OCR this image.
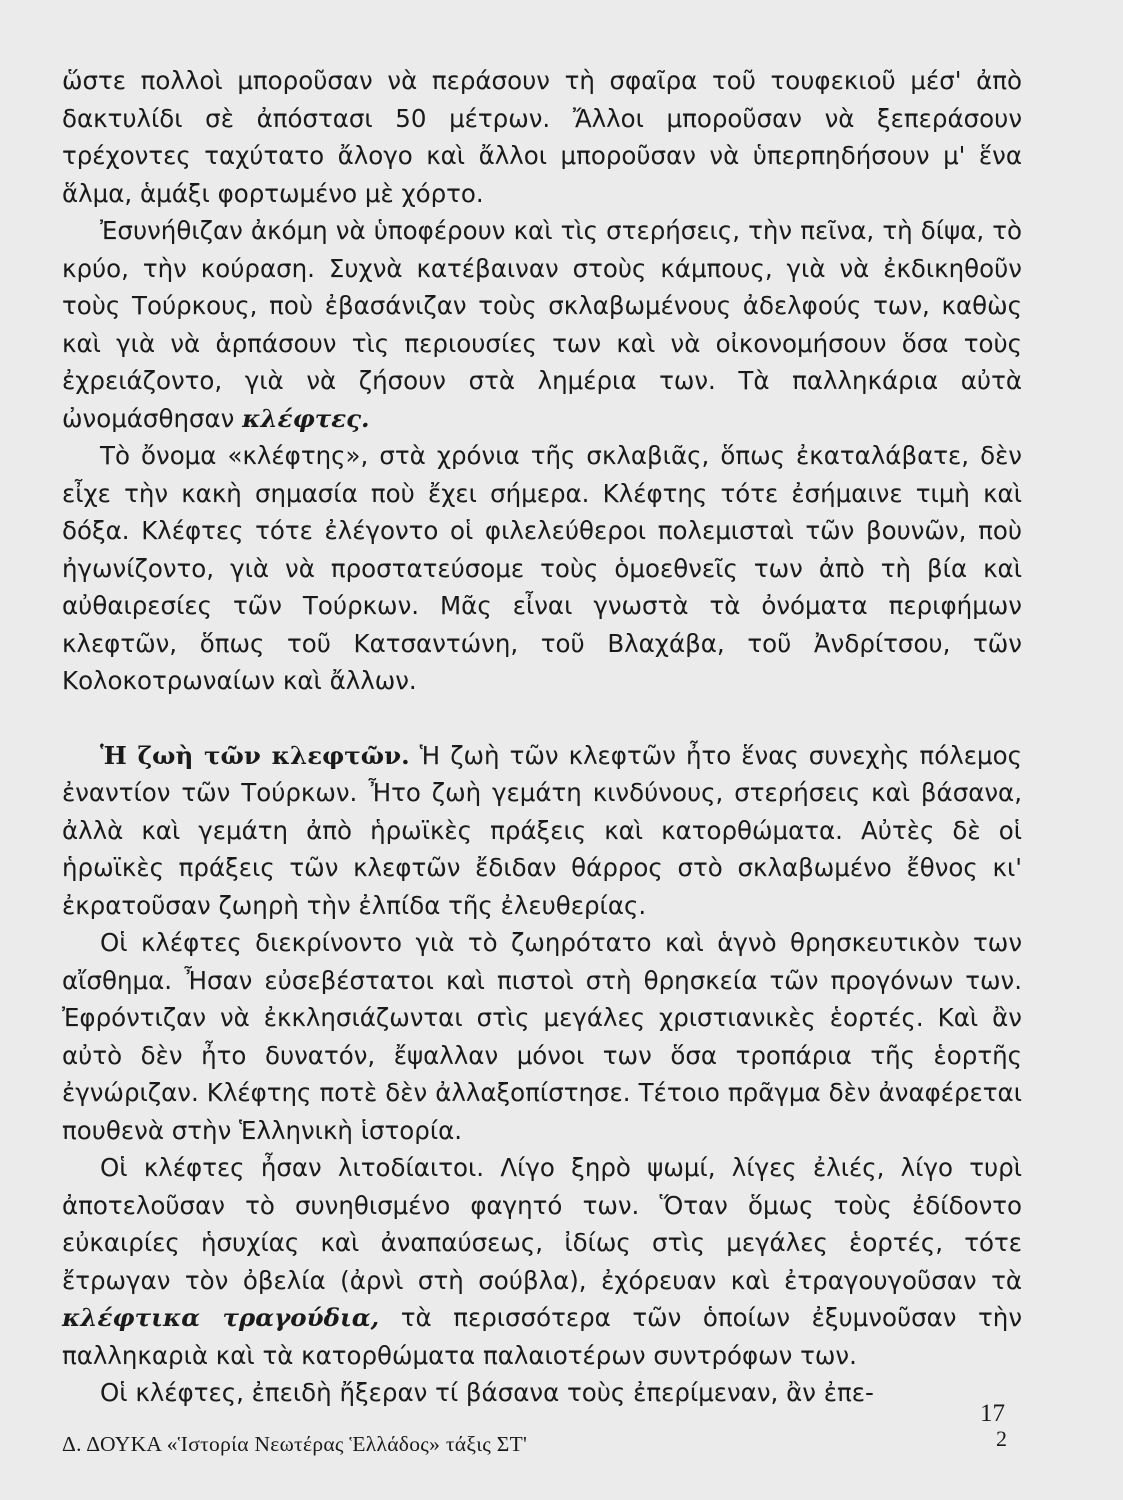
ὥστε πολλοὶ μποροῦσαν νὰ περάσουν τὴ σφαῖρα τοῦ τουφεκιοῦ μέσ' ἀπὸ δακτυλίδι σὲ ἀπόστασι 50 μέτρων. Ἄλλοι μποροῦσαν νὰ ξεπεράσουν τρέχοντες ταχύτατο ἄλογο καὶ ἄλλοι μποροῦσαν νὰ ὑπερπηδήσουν μ' ἕνα ἅλμα, ἁμάξι φορτωμένο μὲ χόρτο.

Ἐσυνήθιζαν ἀκόμη νὰ ὑποφέρουν καὶ τὶς στερήσεις, τὴν πεῖνα, τὴ δίψα, τὸ κρύο, τὴν κούραση. Συχνὰ κατέβαιναν στοὺς κάμπους, γιὰ νὰ ἐκδικηθοῦν τοὺς Τούρκους, ποὺ ἐβασάνιζαν τοὺς σκλαβωμένους ἀδελφούς των, καθὼς καὶ γιὰ νὰ ἁρπάσουν τὶς περιουσίες των καὶ νὰ οἰκονομήσουν ὅσα τοὺς ἐχρειάζοντο, γιὰ νὰ ζήσουν στὰ λημέρια των. Τὰ παλληκάρια αὐτὰ ὠνομάσθησαν κλέφτες.

Τὸ ὄνομα «κλέφτης», στὰ χρόνια τῆς σκλαβιᾶς, ὅπως ἐκαταλάβατε, δὲν εἶχε τὴν κακὴ σημασία ποὺ ἔχει σήμερα. Κλέφτης τότε ἐσήμαινε τιμὴ καὶ δόξα. Κλέφτες τότε ἐλέγοντο οἱ φιλελεύθεροι πολεμισταὶ τῶν βουνῶν, ποὺ ἠγωνίζοντο, γιὰ νὰ προστατεύσομε τοὺς ὁμοεθνεῖς των ἀπὸ τὴ βία καὶ αὐθαιρεσίες τῶν Τούρκων. Μᾶς εἶναι γνωστὰ τὰ ὀνόματα περιφήμων κλεφτῶν, ὅπως τοῦ Κατσαντώνη, τοῦ Βλαχάβα, τοῦ Ἀνδρίτσου, τῶν Κολοκοτρωναίων καὶ ἄλλων.

Ἡ ζωὴ τῶν κλεφτῶν. Ἡ ζωὴ τῶν κλεφτῶν ἦτο ἕνας συνεχὴς πόλεμος ἐναντίον τῶν Τούρκων. Ἦτο ζωὴ γεμάτη κινδύνους, στερήσεις καὶ βάσανα, ἀλλὰ καὶ γεμάτη ἀπὸ ἡρωϊκὲς πράξεις καὶ κατορθώματα. Αὐτὲς δὲ οἱ ἡρωϊκὲς πράξεις τῶν κλεφτῶν ἔδιδαν θάρρος στὸ σκλαβωμένο ἔθνος κι' ἐκρατοῦσαν ζωηρὴ τὴν ἐλπίδα τῆς ἐλευθερίας.

Οἱ κλέφτες διεκρίνοντο γιὰ τὸ ζωηρότατο καὶ ἁγνὸ θρησκευτικὸν των αἴσθημα. Ἦσαν εὐσεβέστατοι καὶ πιστοὶ στὴ θρησκεία τῶν προγόνων των. Ἐφρόντιζαν νὰ ἐκκλησιάζωνται στὶς μεγάλες χριστιανικὲς ἑορτές. Καὶ ἂν αὐτὸ δὲν ἦτο δυνατόν, ἔψαλλαν μόνοι των ὅσα τροπάρια τῆς ἑορτῆς ἐγνώριζαν. Κλέφτης ποτὲ δὲν ἀλλαξοπίστησε. Τέτοιο πρᾶγμα δὲν ἀναφέρεται πουθενὰ στὴν Ἑλληνικὴ ἱστορία.

Οἱ κλέφτες ἦσαν λιτοδίαιτοι. Λίγο ξηρὸ ψωμί, λίγες ἐλιές, λίγο τυρὶ ἀποτελοῦσαν τὸ συνηθισμένο φαγητό των. Ὅταν ὅμως τοὺς ἐδίδοντο εὐκαιρίες ἡσυχίας καὶ ἀναπαύσεως, ἰδίως στὶς μεγάλες ἑορτές, τότε ἔτρωγαν τὸν ὀβελία (ἀρνὶ στὴ σούβλα), ἐχόρευαν καὶ ἐτραγουγοῦσαν τὰ κλέφτικα τραγούδια, τὰ περισσότερα τῶν ὁποίων ἐξυμνοῦσαν τὴν παλληκαριὰ καὶ τὰ κατορθώματα παλαιοτέρων συντρόφων των.

Οἱ κλέφτες, ἐπειδὴ ἤξεραν τί βάσανα τοὺς ἐπερίμεναν, ἂν ἐπε-

17
Δ. ΔΟΥΚΑ «Ἱστορία Νεωτέρας Ἑλλάδος» τάξις ΣΤ'	2
